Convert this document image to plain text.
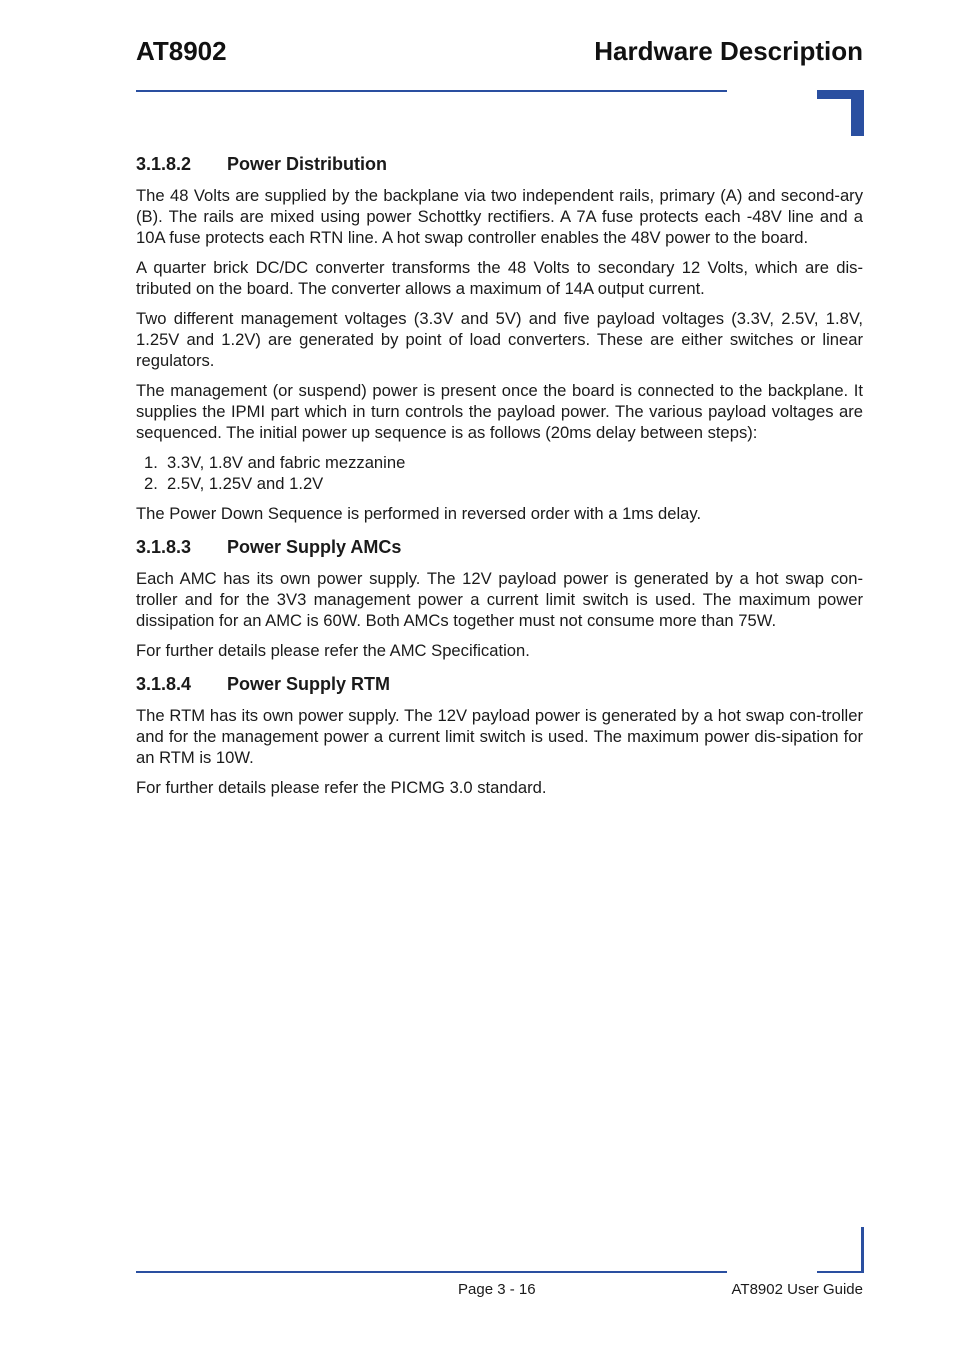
AT8902	Hardware Description
3.1.8.2 Power Distribution

The 48 Volts are supplied by the backplane via two independent rails, primary (A) and second-ary (B). The rails are mixed using power Schottky rectifiers. A 7A fuse protects each -48V line and a 10A fuse protects each RTN line. A hot swap controller enables the 48V power to the board.

A quarter brick DC/DC converter transforms the 48 Volts to secondary 12 Volts, which are dis-tributed on the board. The converter allows a maximum of 14A output current.

Two different management voltages (3.3V and 5V) and five payload voltages (3.3V, 2.5V, 1.8V, 1.25V and 1.2V) are generated by point of load converters. These are either switches or linear regulators.

The management (or suspend) power is present once the board is connected to the backplane. It supplies the IPMI part which in turn controls the payload power. The various payload voltages are sequenced. The initial power up sequence is as follows (20ms delay between steps):

1. 3.3V, 1.8V and fabric mezzanine
2. 2.5V, 1.25V and 1.2V

The Power Down Sequence is performed in reversed order with a 1ms delay.

3.1.8.3 Power Supply AMCs

Each AMC has its own power supply. The 12V payload power is generated by a hot swap con-troller and for the 3V3 management power a current limit switch is used. The maximum power dissipation for an AMC is 60W. Both AMCs together must not consume more than 75W.

For further details please refer the AMC Specification.

3.1.8.4 Power Supply RTM

The RTM has its own power supply. The 12V payload power is generated by a hot swap con-troller and for the management power a current limit switch is used. The maximum power dis-sipation for an RTM is 10W.

For further details please refer the PICMG 3.0 standard.

Page 3 - 16	AT8902 User Guide
